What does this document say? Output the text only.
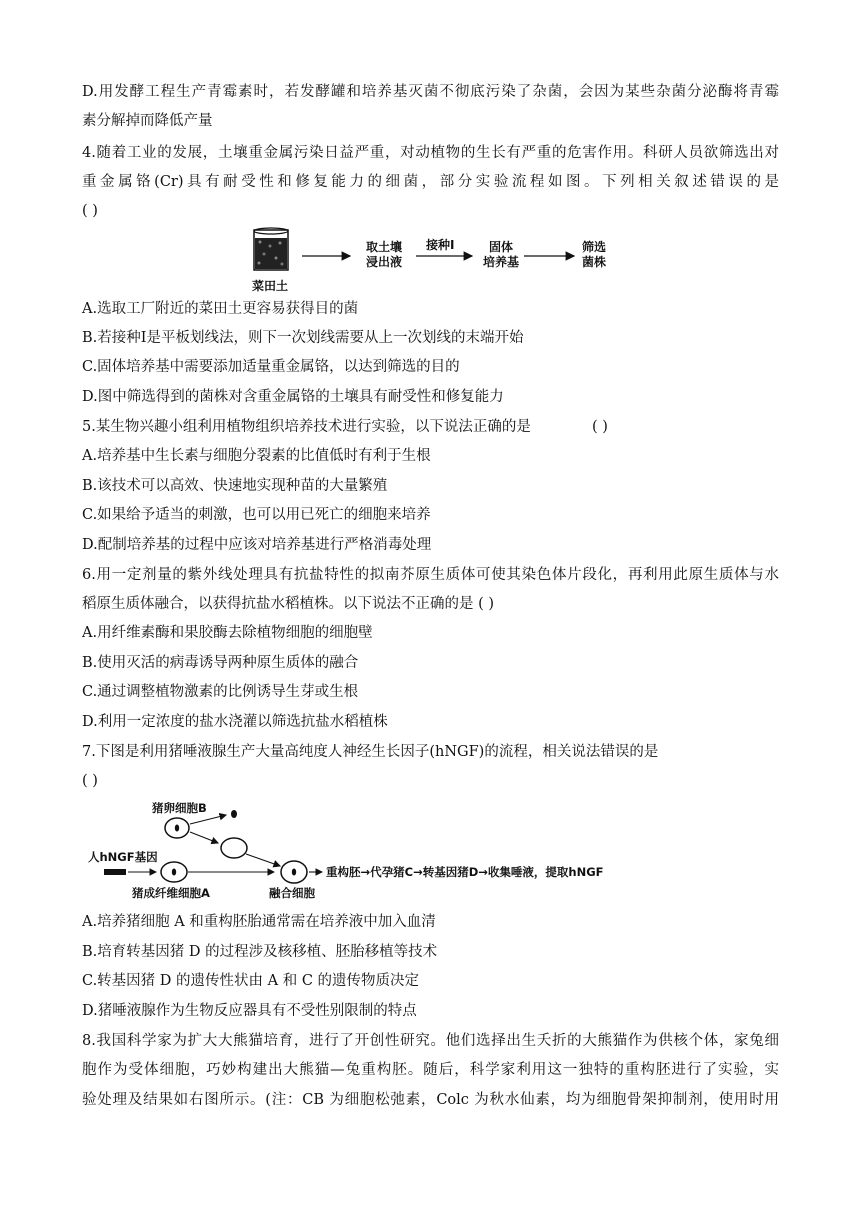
D.用发酵工程生产青霉素时，若发酵罐和培养基灭菌不彻底污染了杂菌，会因为某些杂菌分泌酶将青霉
素分解掉而降低产量
4.随着工业的发展，土壤重金属污染日益严重，对动植物的生长有严重的危害作用。科研人员欲筛选出对
重金属铬(Cr)具有耐受性和修复能力的细菌，部分实验流程如图。下列相关叙述错误的是
( )
菜田土
取土壤
浸出液
接种Ⅰ	固体
培养基
筛选
菌株
A.选取工厂附近的菜田土更容易获得目的菌
B.若接种Ⅰ是平板划线法，则下一次划线需要从上一次划线的末端开始
C.固体培养基中需要添加适量重金属铬，以达到筛选的目的
D.图中筛选得到的菌株对含重金属铬的土壤具有耐受性和修复能力
5.某生物兴趣小组利用植物组织培养技术进行实验，以下说法正确的是	( )
A.培养基中生长素与细胞分裂素的比值低时有利于生根
B.该技术可以高效、快速地实现种苗的大量繁殖
C.如果给予适当的刺激，也可以用已死亡的细胞来培养
D.配制培养基的过程中应该对培养基进行严格消毒处理
6.用一定剂量的紫外线处理具有抗盐特性的拟南芥原生质体可使其染色体片段化，再利用此原生质体与水
稻原生质体融合，以获得抗盐水稻植株。以下说法不正确的是 ( )
A.用纤维素酶和果胶酶去除植物细胞的细胞壁
B.使用灭活的病毒诱导两种原生质体的融合
C.通过调整植物激素的比例诱导生芽或生根
D.利用一定浓度的盐水浇灌以筛选抗盐水稻植株
7.下图是利用猪唾液腺生产大量高纯度人神经生长因子(hNGF)的流程，相关说法错误的是
( )
猪卵细胞B
人hNGF基因
猪成纤维细胞A	融合细胞
重构胚→代孕猪C→转基因猪D→收集唾液，提取hNGF
A.培养猪细胞 A 和重构胚胎通常需在培养液中加入血清
B.培育转基因猪 D 的过程涉及核移植、胚胎移植等技术
C.转基因猪 D 的遗传性状由 A 和 C 的遗传物质决定
D.猪唾液腺作为生物反应器具有不受性别限制的特点
8.我国科学家为扩大大熊猫培育，进行了开创性研究。他们选择出生夭折的大熊猫作为供核个体，家兔细
胞作为受体细胞，巧妙构建出大熊猫—兔重构胚。随后，科学家利用这一独特的重构胚进行了实验，实
验处理及结果如右图所示。(注：CB 为细胞松弛素，Colc 为秋水仙素，均为细胞骨架抑制剂，使用时用
